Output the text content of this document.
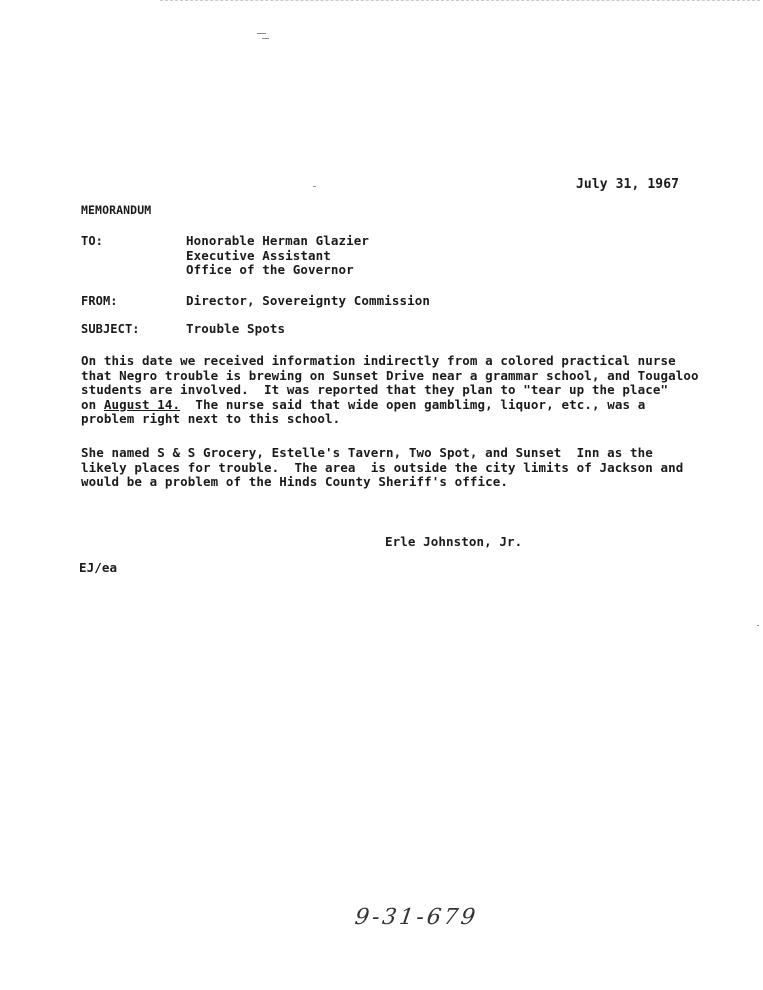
July 31, 1967
MEMORANDUM
TO:	Honorable Herman Glazier
Executive Assistant
Office of the Governor
FROM:	Director, Sovereignty Commission
SUBJECT:	Trouble Spots
On this date we received information indirectly from a colored practical nurse
that Negro trouble is brewing on Sunset Drive near a grammar school, and Tougaloo
students are involved.  It was reported that they plan to "tear up the place"
on August 14.  The nurse said that wide open gamblimg, liquor, etc., was a
problem right next to this school.
She named S & S Grocery, Estelle's Tavern, Two Spot, and Sunset  Inn as the
likely places for trouble.  The area  is outside the city limits of Jackson and
would be a problem of the Hinds County Sheriff's office.
Erle Johnston, Jr.
EJ/ea
9-31-679
